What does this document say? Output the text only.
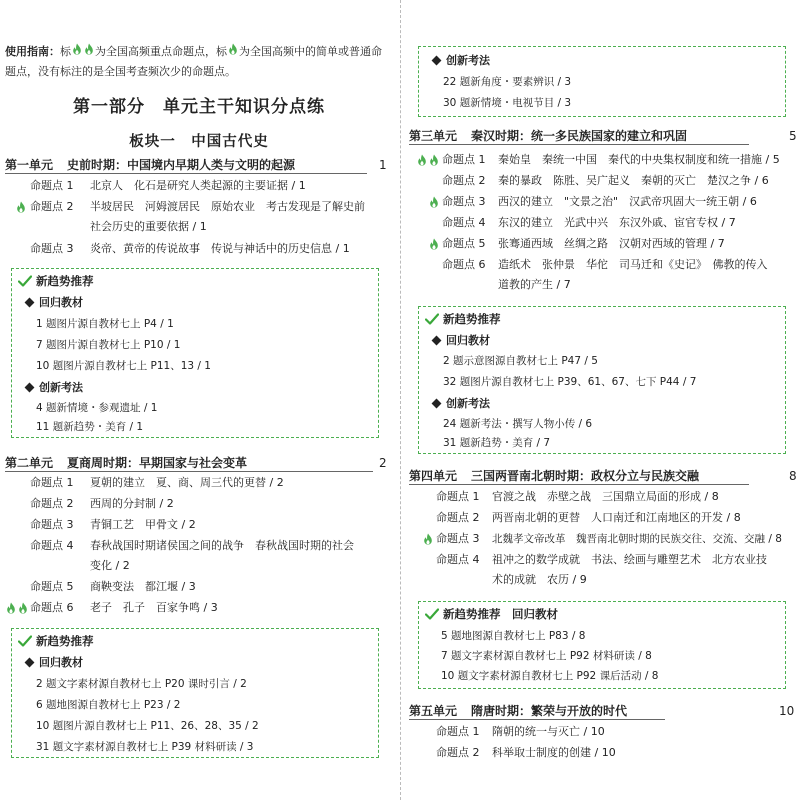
使用指南：标 为全国高频重点命题点，标 为全国高频中的简单或普通命
题点，没有标注的是全国考查频次少的命题点。
第一部分　单元主干知识分点练
板块一　中国古代史
第一单元 史前时期：中国境内早期人类与文明的起源	1
命题点 1 北京人　化石是研究人类起源的主要证据 / 1
命题点 2 半坡居民　河姆渡居民　原始农业　考古发现是了解史前
社会历史的重要依据 / 1
命题点 3 炎帝、黄帝的传说故事　传说与神话中的历史信息 / 1
新趋势推荐
回归教材
1 题图片源自教材七上 P4 / 1
7 题图片源自教材七上 P10 / 1
10 题图片源自教材七上 P11、13 / 1
创新考法
4 题新情境・参观遗址 / 1
11 题新趋势・美育 / 1
第二单元 夏商周时期：早期国家与社会变革	2
命题点 1 夏朝的建立　夏、商、周三代的更替 / 2
命题点 2 西周的分封制 / 2
命题点 3 青铜工艺　甲骨文 / 2
命题点 4 春秋战国时期诸侯国之间的战争　春秋战国时期的社会
变化 / 2
命题点 5 商鞅变法　都江堰 / 3
命题点 6 老子　孔子　百家争鸣 / 3
新趋势推荐
回归教材
2 题文字素材源自教材七上 P20 课时引言 / 2
6 题地图源自教材七上 P23 / 2
10 题图片源自教材七上 P11、26、28、35 / 2
31 题文字素材源自教材七上 P39 材料研读 / 3
创新考法
22 题新角度・要素辨识 / 3
30 题新情境・电视节目 / 3
第三单元 秦汉时期：统一多民族国家的建立和巩固	5
命题点 1 秦始皇　秦统一中国　秦代的中央集权制度和统一措施 / 5
命题点 2 秦的暴政　陈胜、吴广起义　秦朝的灭亡　楚汉之争 / 6
命题点 3 西汉的建立　"文景之治"　汉武帝巩固大一统王朝 / 6
命题点 4 东汉的建立　光武中兴　东汉外戚、宦官专权 / 7
命题点 5 张骞通西域　丝绸之路　汉朝对西域的管理 / 7
命题点 6 造纸术　张仲景　华佗　司马迁和《史记》　佛教的传入
道教的产生 / 7
新趋势推荐
回归教材
2 题示意图源自教材七上 P47 / 5
32 题图片源自教材七上 P39、61、67、七下 P44 / 7
创新考法
24 题新考法・撰写人物小传 / 6
31 题新趋势・美育 / 7
第四单元 三国两晋南北朝时期：政权分立与民族交融	8
命题点 1 官渡之战　赤壁之战　三国鼎立局面的形成 / 8
命题点 2 两晋南北朝的更替　人口南迁和江南地区的开发 / 8
命题点 3 北魏孝文帝改革　魏晋南北朝时期的民族交往、交流、交融 / 8
命题点 4 祖冲之的数学成就　书法、绘画与雕塑艺术　北方农业技
术的成就　农历 / 9
新趋势推荐　回归教材
5 题地图源自教材七上 P83 / 8
7 题文字素材源自教材七上 P92 材料研读 / 8
10 题文字素材源自教材七上 P92 课后活动 / 8
第五单元 隋唐时期：繁荣与开放的时代	10
命题点 1 隋朝的统一与灭亡 / 10
命题点 2 科举取士制度的创建 / 10
